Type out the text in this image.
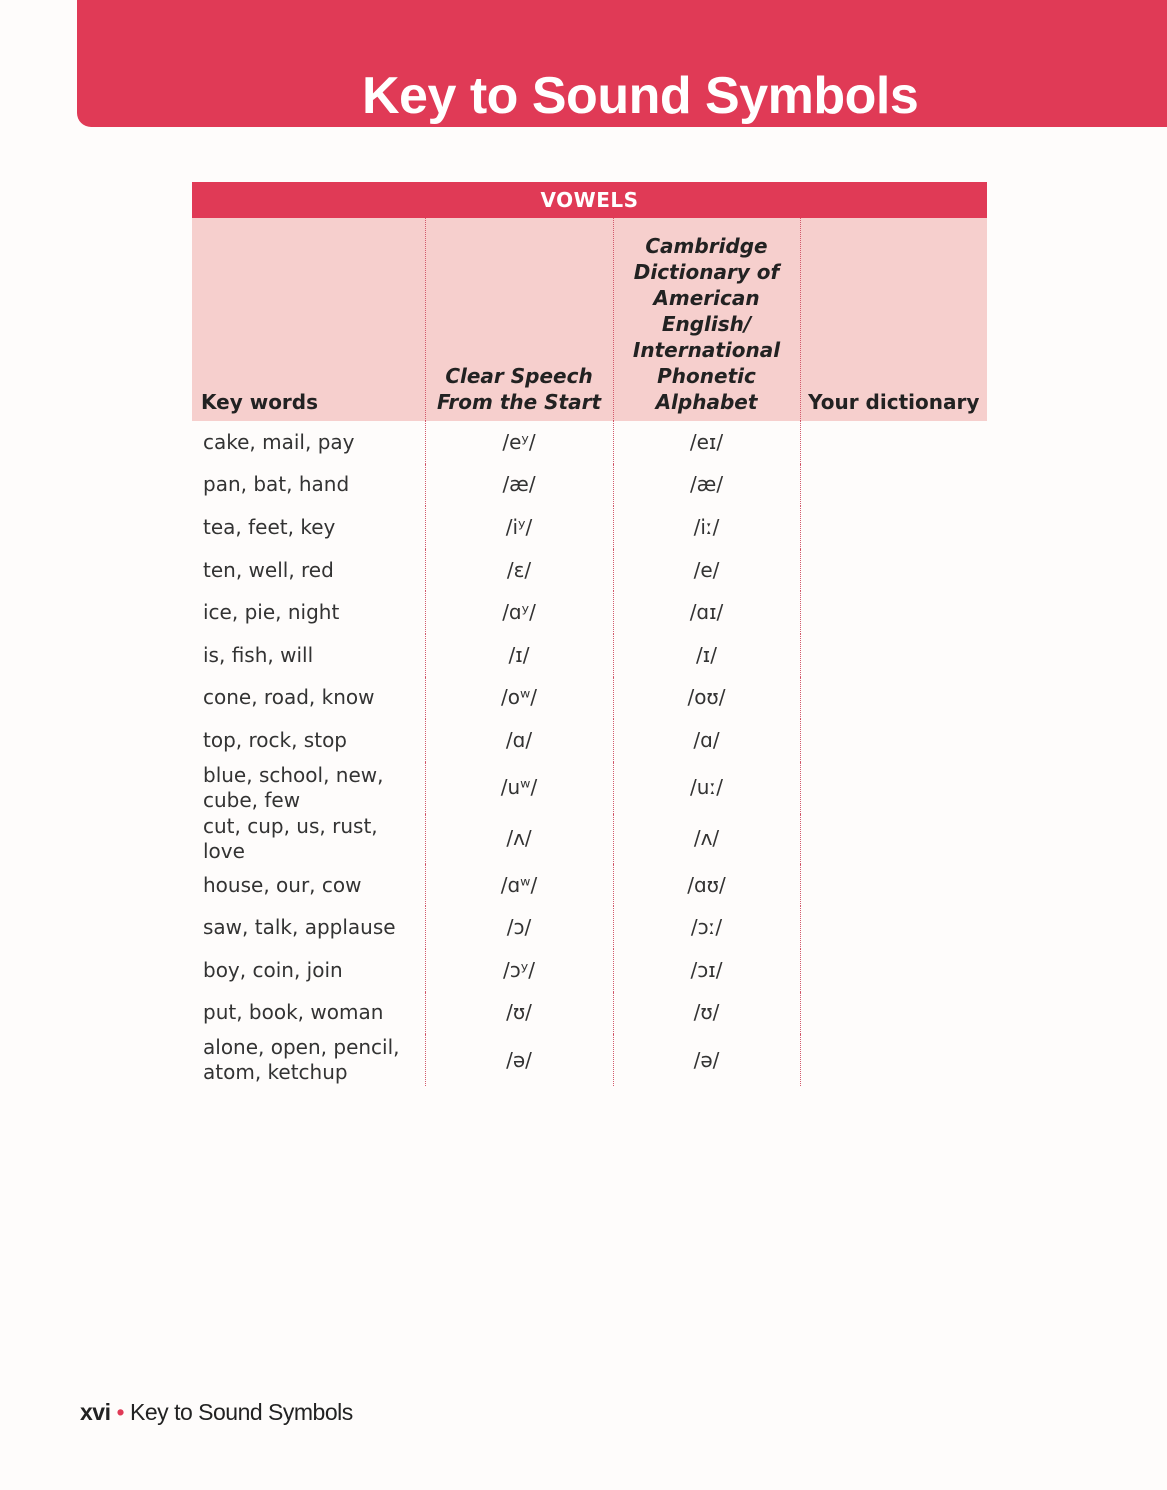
Key to Sound Symbols
VOWELS			
Key words	Clear Speech From the Start	Cambridge Dictionary of American English/ International Phonetic Alphabet	Your dictionary
cake, mail, pay	/eʸ/	/eɪ/	
pan, bat, hand	/æ/	/æ/	
tea, feet, key	/iʸ/	/iː/	
ten, well, red	/ɛ/	/e/	
ice, pie, night	/ɑʸ/	/ɑɪ/	
is, fish, will	/ɪ/	/ɪ/	
cone, road, know	/oʷ/	/oʊ/	
top, rock, stop	/ɑ/	/ɑ/	
blue, school, new, cube, few	/uʷ/	/uː/	
cut, cup, us, rust, love	/ʌ/	/ʌ/	
house, our, cow	/ɑʷ/	/ɑʊ/	
saw, talk, applause	/ɔ/	/ɔː/	
boy, coin, join	/ɔʸ/	/ɔɪ/	
put, book, woman	/ʊ/	/ʊ/	
alone, open, pencil, atom, ketchup	/ə/	/ə/	
xvi • Key to Sound Symbols
